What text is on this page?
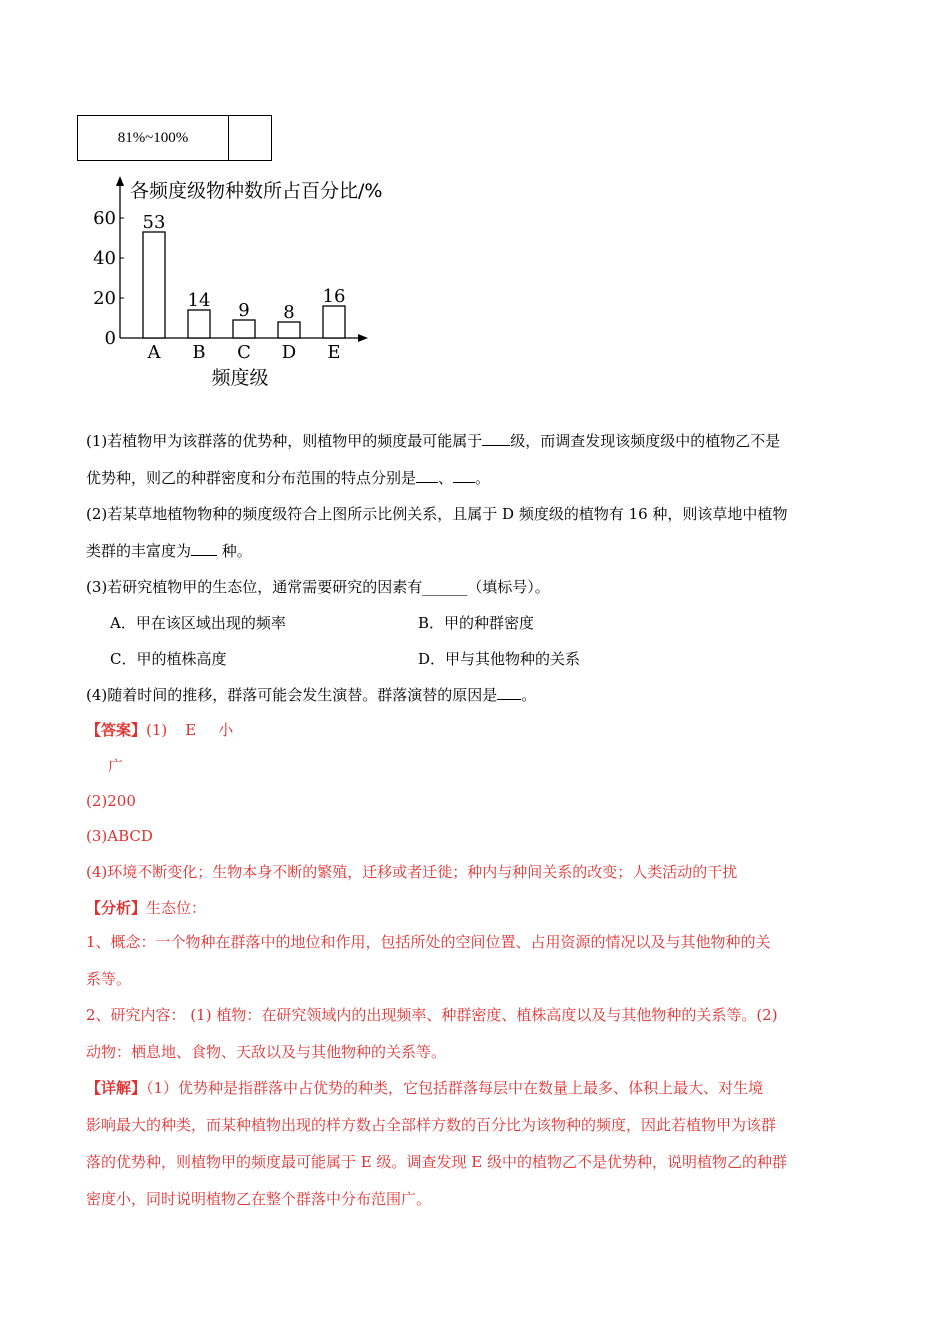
81%~100%	
各频度级物种数所占百分比/%
0
20
40
60 53
A
14
B
9
C
8
D
16
E
频度级
(1)若植物甲为该群落的优势种，则植物甲的频度最可能属于 级，而调查发现该频度级中的植物乙不是
优势种，则乙的种群密度和分布范围的特点分别是 、 。
(2)若某草地植物物种的频度级符合上图所示比例关系，且属于 D 频度级的植物有 16 种，则该草地中植物
类群的丰富度为 种。
(3)若研究植物甲的生态位，通常需要研究的因素有______（填标号）。
A．甲在该区域出现的频率	B．甲的种群密度
C．甲的植株高度	D．甲与其他物种的关系
(4)随着时间的推移，群落可能会发生演替。群落演替的原因是 。
【答案】(1) E 小
广
(2)200
(3)ABCD
(4)环境不断变化；生物本身不断的繁殖，迁移或者迁徙；种内与种间关系的改变；人类活动的干扰
【分析】生态位：
1、概念：一个物种在群落中的地位和作用，包括所处的空间位置、占用资源的情况以及与其他物种的关
系等。
2、研究内容： (1) 植物：在研究领域内的出现频率、种群密度、植株高度以及与其他物种的关系等。(2)
动物：栖息地、食物、天敌以及与其他物种的关系等。
【详解】（1）优势种是指群落中占优势的种类，它包括群落每层中在数量上最多、体积上最大、对生境
影响最大的种类，而某种植物出现的样方数占全部样方数的百分比为该物种的频度，因此若植物甲为该群
落的优势种，则植物甲的频度最可能属于 E 级。调查发现 E 级中的植物乙不是优势种，说明植物乙的种群
密度小，同时说明植物乙在整个群落中分布范围广。
